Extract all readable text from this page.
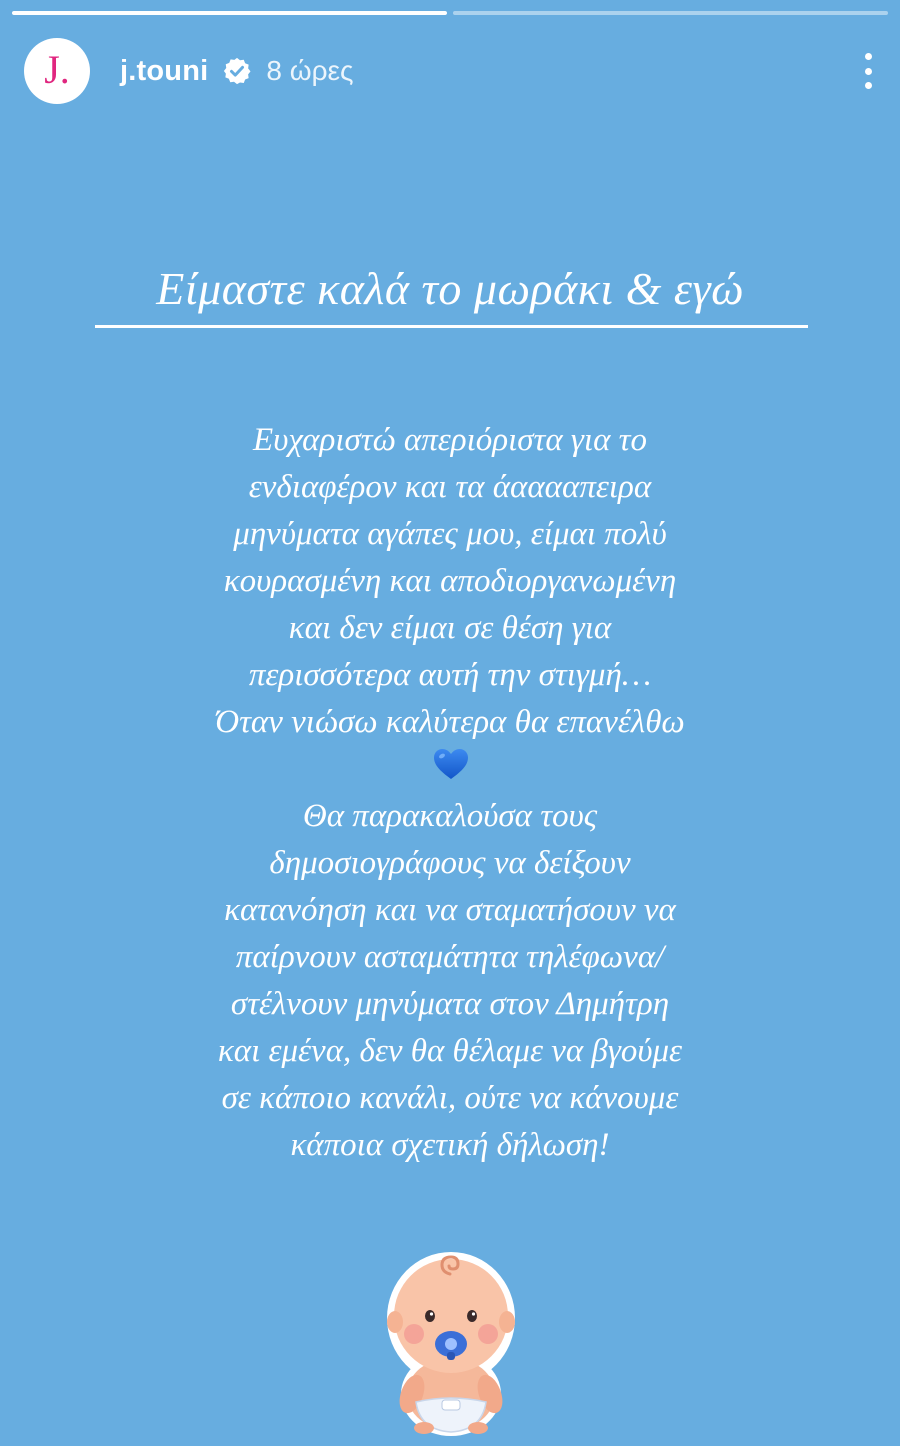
J. j.touni 8 ώρες
Είμαστε καλά το μωράκι & εγώ
Ευχαριστώ απεριόριστα για το
ενδιαφέρον και τα άααααπειρα
μηνύματα αγάπες μου, είμαι πολύ
κουρασμένη και αποδιοργανωμένη
και δεν είμαι σε θέση για
περισσότερα αυτή την στιγμή…
Όταν νιώσω καλύτερα θα επανέλθω
Θα παρακαλούσα τους
δημοσιογράφους να δείξουν
κατανόηση και να σταματήσουν να
παίρνουν ασταμάτητα τηλέφωνα/
στέλνουν μηνύματα στον Δημήτρη
και εμένα, δεν θα θέλαμε να βγούμε
σε κάποιο κανάλι, ούτε να κάνουμε
κάποια σχετική δήλωση!
